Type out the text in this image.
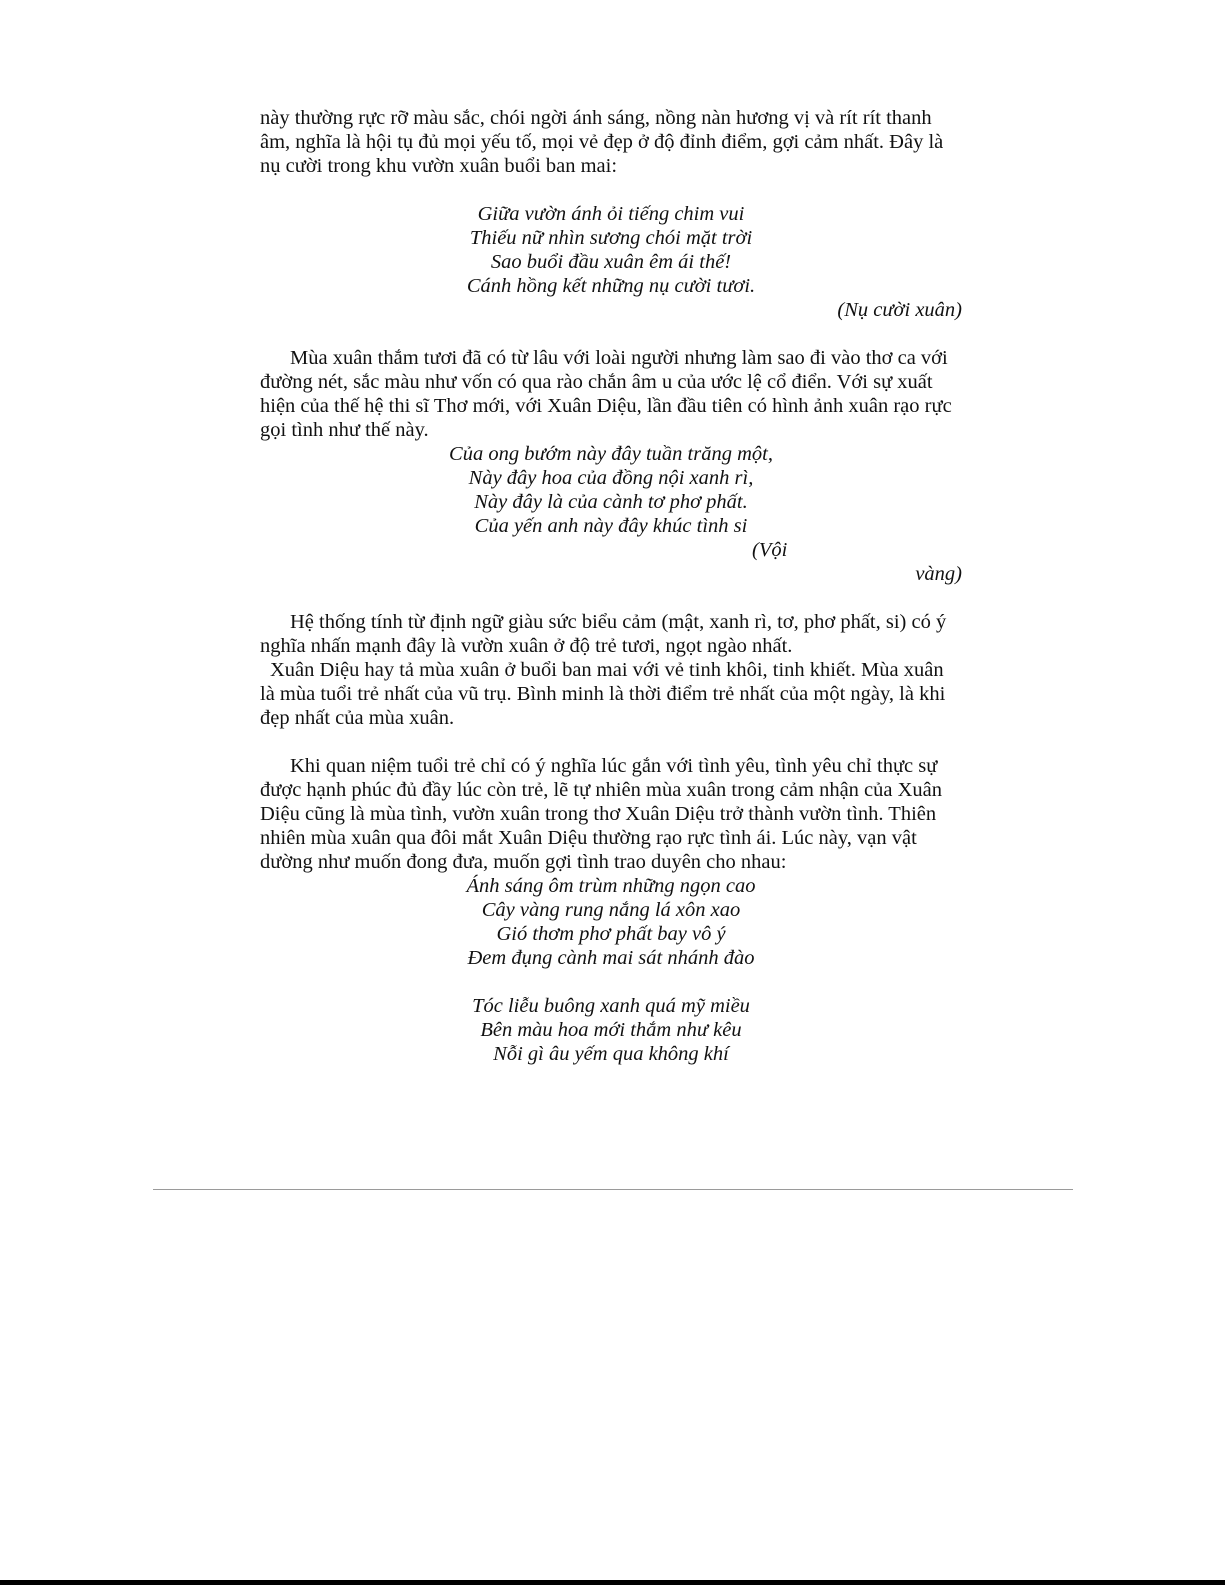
này thường rực rỡ màu sắc, chói ngời ánh sáng, nồng nàn hương vị và rít rít thanh âm, nghĩa là hội tụ đủ mọi yếu tố, mọi vẻ đẹp ở độ đỉnh điểm, gợi cảm nhất. Đây là nụ cười trong khu vườn xuân buổi ban mai:

Giữa vườn ánh ỏi tiếng chim vui
Thiếu nữ nhìn sương chói mặt trời
Sao buổi đầu xuân êm ái thế!
Cánh hồng kết những nụ cười tươi.

(Nụ cười xuân)

Mùa xuân thắm tươi đã có từ lâu với loài người nhưng làm sao đi vào thơ ca với đường nét, sắc màu như vốn có qua rào chắn âm u của ước lệ cổ điển. Với sự xuất hiện của thế hệ thi sĩ Thơ mới, với Xuân Diệu, lần đầu tiên có hình ảnh xuân rạo rực gọi tình như thế này.

Của ong bướm này đây tuần trăng một,
Này đây hoa của đồng nội xanh rì,
Này đây là của cành tơ phơ phất.
Của yến anh này đây khúc tình si
(Vội
vàng)

Hệ thống tính từ định ngữ giàu sức biểu cảm (mật, xanh rì, tơ, phơ phất, si) có ý nghĩa nhấn mạnh đây là vườn xuân ở độ trẻ tươi, ngọt ngào nhất.

Xuân Diệu hay tả mùa xuân ở buổi ban mai với vẻ tinh khôi, tinh khiết. Mùa xuân là mùa tuổi trẻ nhất của vũ trụ. Bình minh là thời điểm trẻ nhất của một ngày, là khi đẹp nhất của mùa xuân.

Khi quan niệm tuổi trẻ chỉ có ý nghĩa lúc gắn với tình yêu, tình yêu chỉ thực sự được hạnh phúc đủ đầy lúc còn trẻ, lẽ tự nhiên mùa xuân trong cảm nhận của Xuân Diệu cũng là mùa tình, vườn xuân trong thơ Xuân Diệu trở thành vườn tình. Thiên nhiên mùa xuân qua đôi mắt Xuân Diệu thường rạo rực tình ái. Lúc này, vạn vật dường như muốn đong đưa, muốn gợi tình trao duyên cho nhau:

Ánh sáng ôm trùm những ngọn cao
Cây vàng rung nắng lá xôn xao
Gió thơm phơ phất bay vô ý
Đem đụng cành mai sát nhánh đào
Tóc liễu buông xanh quá mỹ miều
Bên màu hoa mới thắm như kêu
Nỗi gì âu yếm qua không khí
